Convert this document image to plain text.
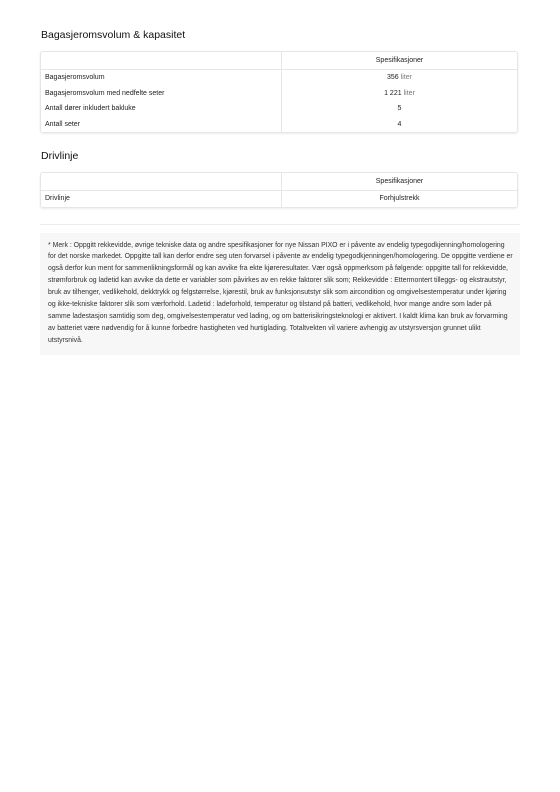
Bagasjeromsvolum & kapasitet
Spesifikasjoner
Bagasjeromsvolum	356 liter
Bagasjeromsvolum med nedfelte seter	1 221 liter
Antall dører inkludert bakluke	5
Antall seter	4
Drivlinje
Spesifikasjoner
Drivlinje	Forhjulstrekk

* Merk : Oppgitt rekkevidde, øvrige tekniske data og andre spesifikasjoner for nye Nissan PIXO er i påvente av endelig typegodkjenning/homologering for det norske markedet. Oppgitte tall kan derfor endre seg uten forvarsel i påvente av endelig typegodkjenningen/homologering. De oppgitte verdiene er også derfor kun ment for sammenlikningsformål og kan avvike fra ekte kjøreresultater. Vær også oppmerksom på følgende: oppgitte tall for rekkevidde, strømforbruk og ladetid kan avvike da dette er variabler som påvirkes av en rekke faktorer slik som; Rekkevidde : Ettermontert tilleggs- og ekstrautstyr, bruk av tilhenger, vedlikehold, dekktrykk og felgstørrelse, kjørestil, bruk av funksjonsutstyr slik som aircondition og omgivelsestemperatur under kjøring og ikke-tekniske faktorer slik som værforhold. Ladetid : ladeforhold, temperatur og tilstand på batteri, vedlikehold, hvor mange andre som lader på samme ladestasjon samtidig som deg, omgivelsestemperatur ved lading, og om batterisikringsteknologi er aktivert. I kaldt klima kan bruk av forvarming av batteriet være nødvendig for å kunne forbedre hastigheten ved hurtiglading. Totaltvekten vil variere avhengig av utstyrsversjon grunnet ulikt utstyrsnivå.
